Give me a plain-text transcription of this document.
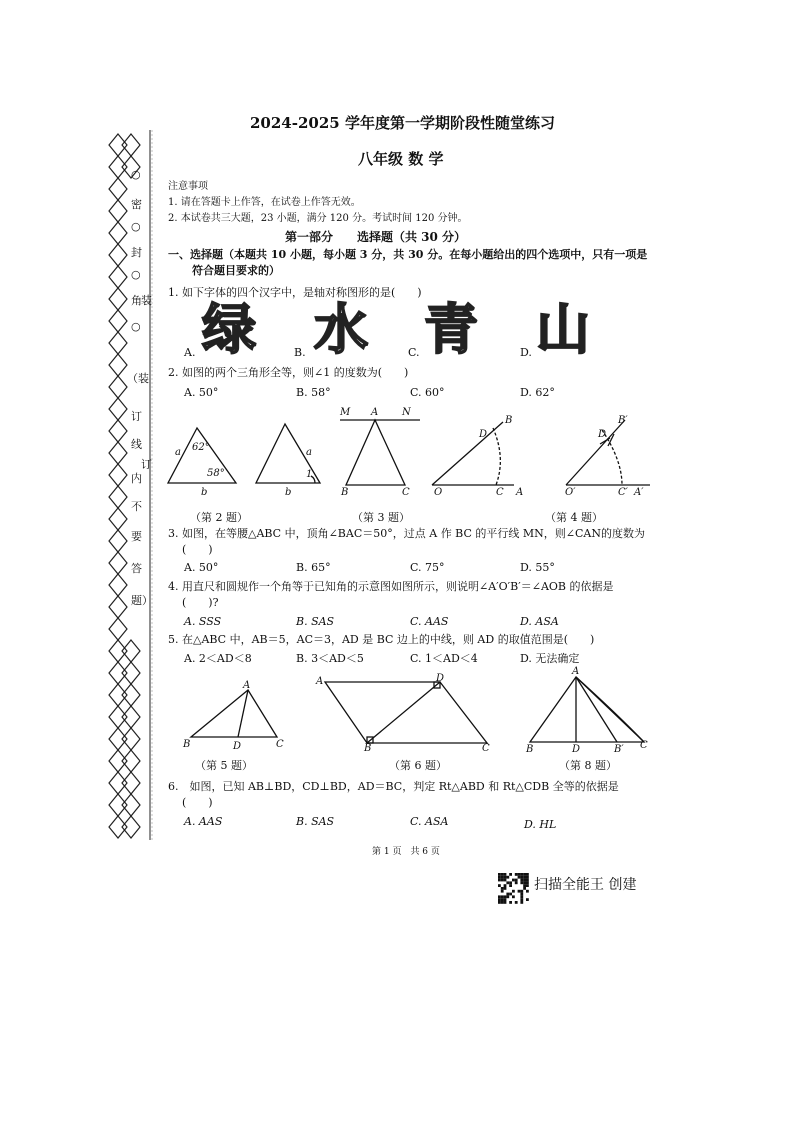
○
密
○
封
○
角 装
○
（装
订
线
订
内
不
要
答
题）
2024-2025 学年度第一学期阶段性随堂练习
八年级 数 学
注意事项
1. 请在答题卡上作答，在试卷上作答无效。
2. 本试卷共三大题，23 小题，满分 120 分。考试时间 120 分钟。
第一部分　　选择题（共 30 分）
一、选择题（本题共 10 小题，每小题 3 分，共 30 分。在每小题给出的四个选项中，只有一项是
符合题目要求的）
1. 如下字体的四个汉字中，是轴对称图形的是(　　)
A. 绿	B. 水	C. 青	D. 山
2. 如图的两个三角形全等，则∠1 的度数为(　　)
A. 50°	B. 58°	C. 60°	D. 62°
62°
58°
a
b
a
b
1
M A N
B	C
D
B
O	C A
D
B′
O′	C′ A′
（第 2 题）	（第 3 题）	（第 4 题）
3. 如图，在等腰△ABC 中，顶角∠BAC＝50°，过点 A 作 BC 的平行线 MN，则∠CAN的度数为
(　　)
A. 50°	B. 65°	C. 75°	D. 55°
4. 用直尺和圆规作一个角等于已知角的示意图如图所示，则说明∠A′O′B′＝∠AOB 的依据是
(　　)?
A. SSS	B. SAS	C. AAS	D. ASA
5. 在△ABC 中，AB＝5，AC＝3，AD 是 BC 边上的中线，则 AD 的取值范围是(　　)
A. 2＜AD＜8	B. 3＜AD＜5	C. 1＜AD＜4	D. 无法确定
A
B	D	C
A	D
B	C
A
B	D	B′ C
（第 5 题）	（第 6 题）	（第 8 题）
6.　如图，已知 AB⊥BD，CD⊥BD，AD＝BC，判定 Rt△ABD 和 Rt△CDB 全等的依据是
(　　)
A. AAS	B. SAS	C. ASA	D. HL
第 1 页　共 6 页
扫描全能王 创建
